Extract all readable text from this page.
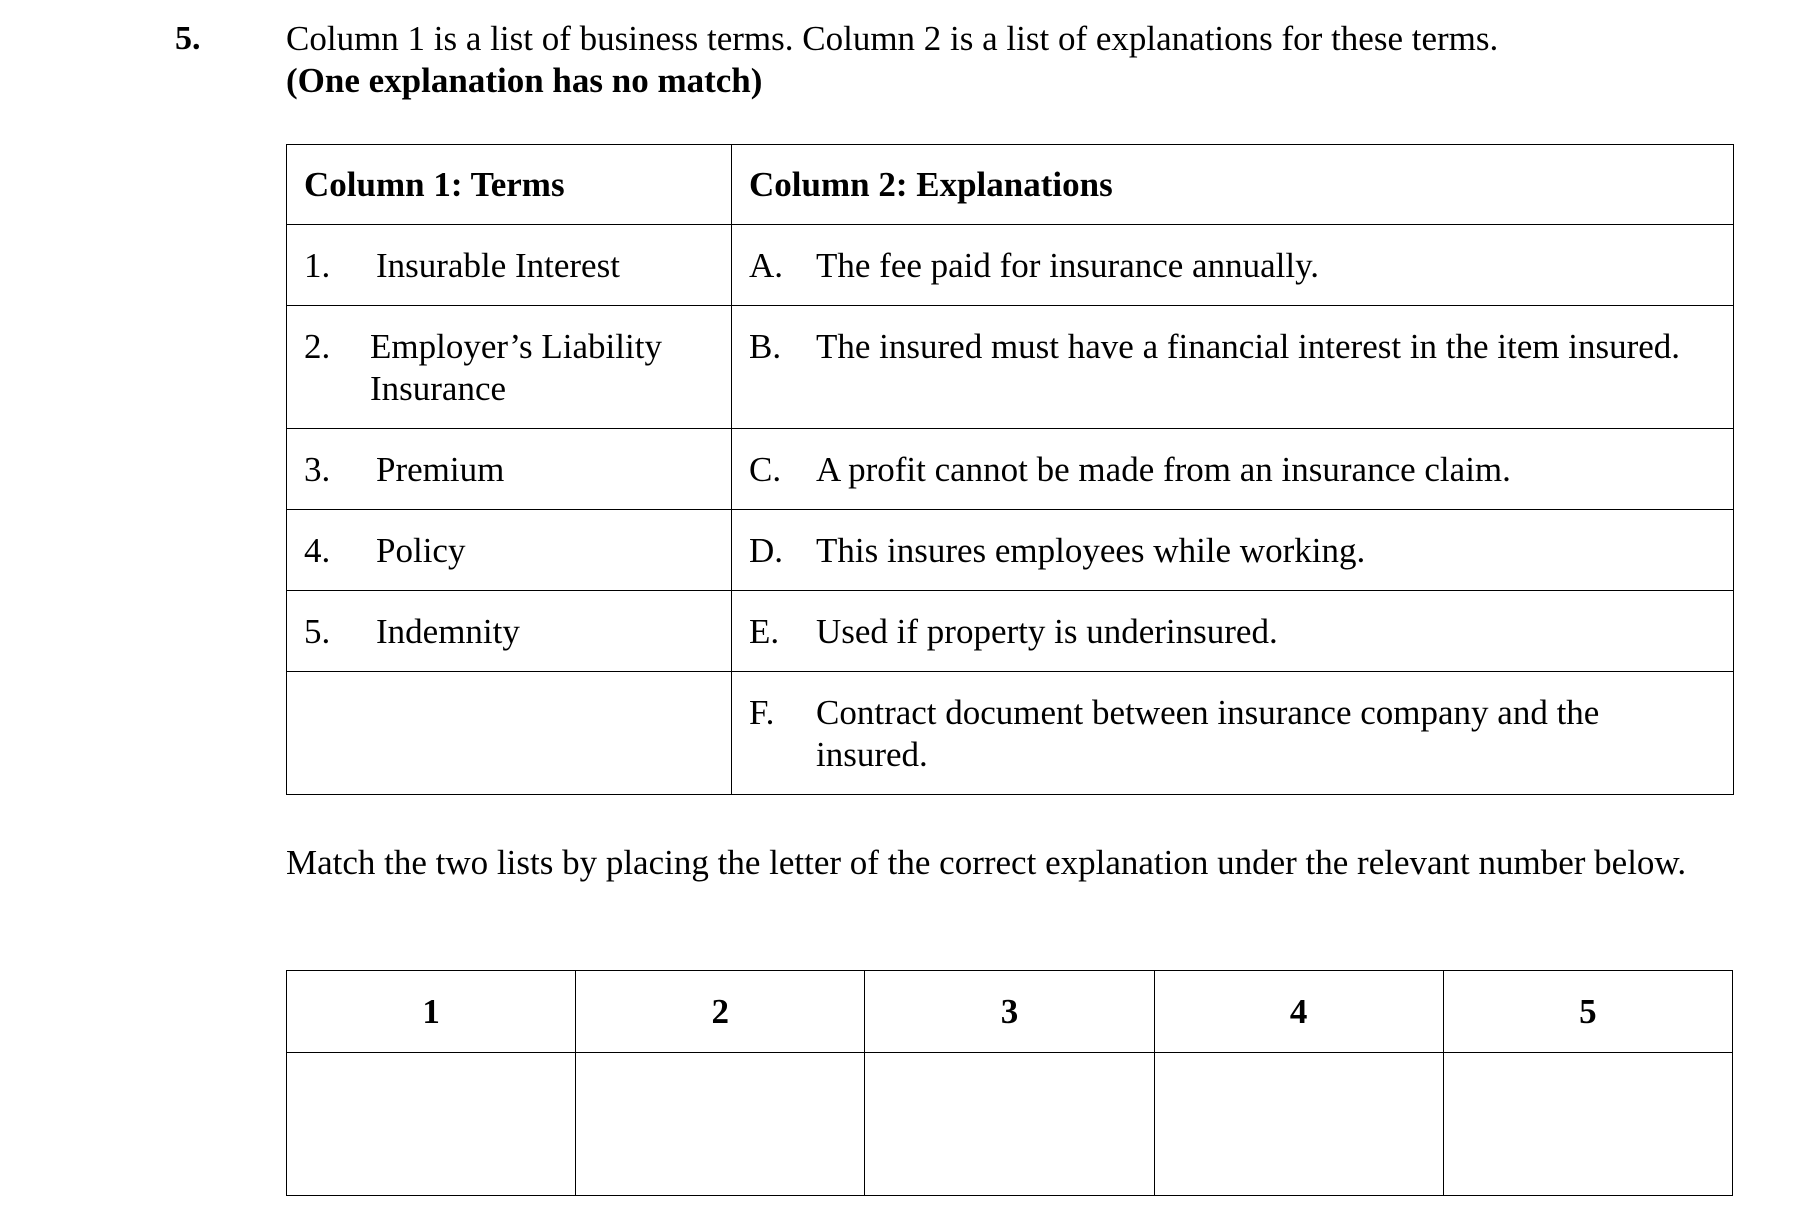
5. Column 1 is a list of business terms. Column 2 is a list of explanations for these terms.
(One explanation has no match)
Column 1: Terms	Column 2: Explanations

1. Insurable Interest	A. The fee paid for insurance annually.

2. Employer’s Liability Insurance	B. The insured must have a financial interest in the item insured.

3. Premium	C. A profit cannot be made from an insurance claim.

4. Policy	D. This insures employees while working.

5. Indemnity	E. Used if property is underinsured.

	F. Contract document between insurance company and the insured.
Match the two lists by placing the letter of the correct explanation under the relevant number below.
1	2	3	4	5
